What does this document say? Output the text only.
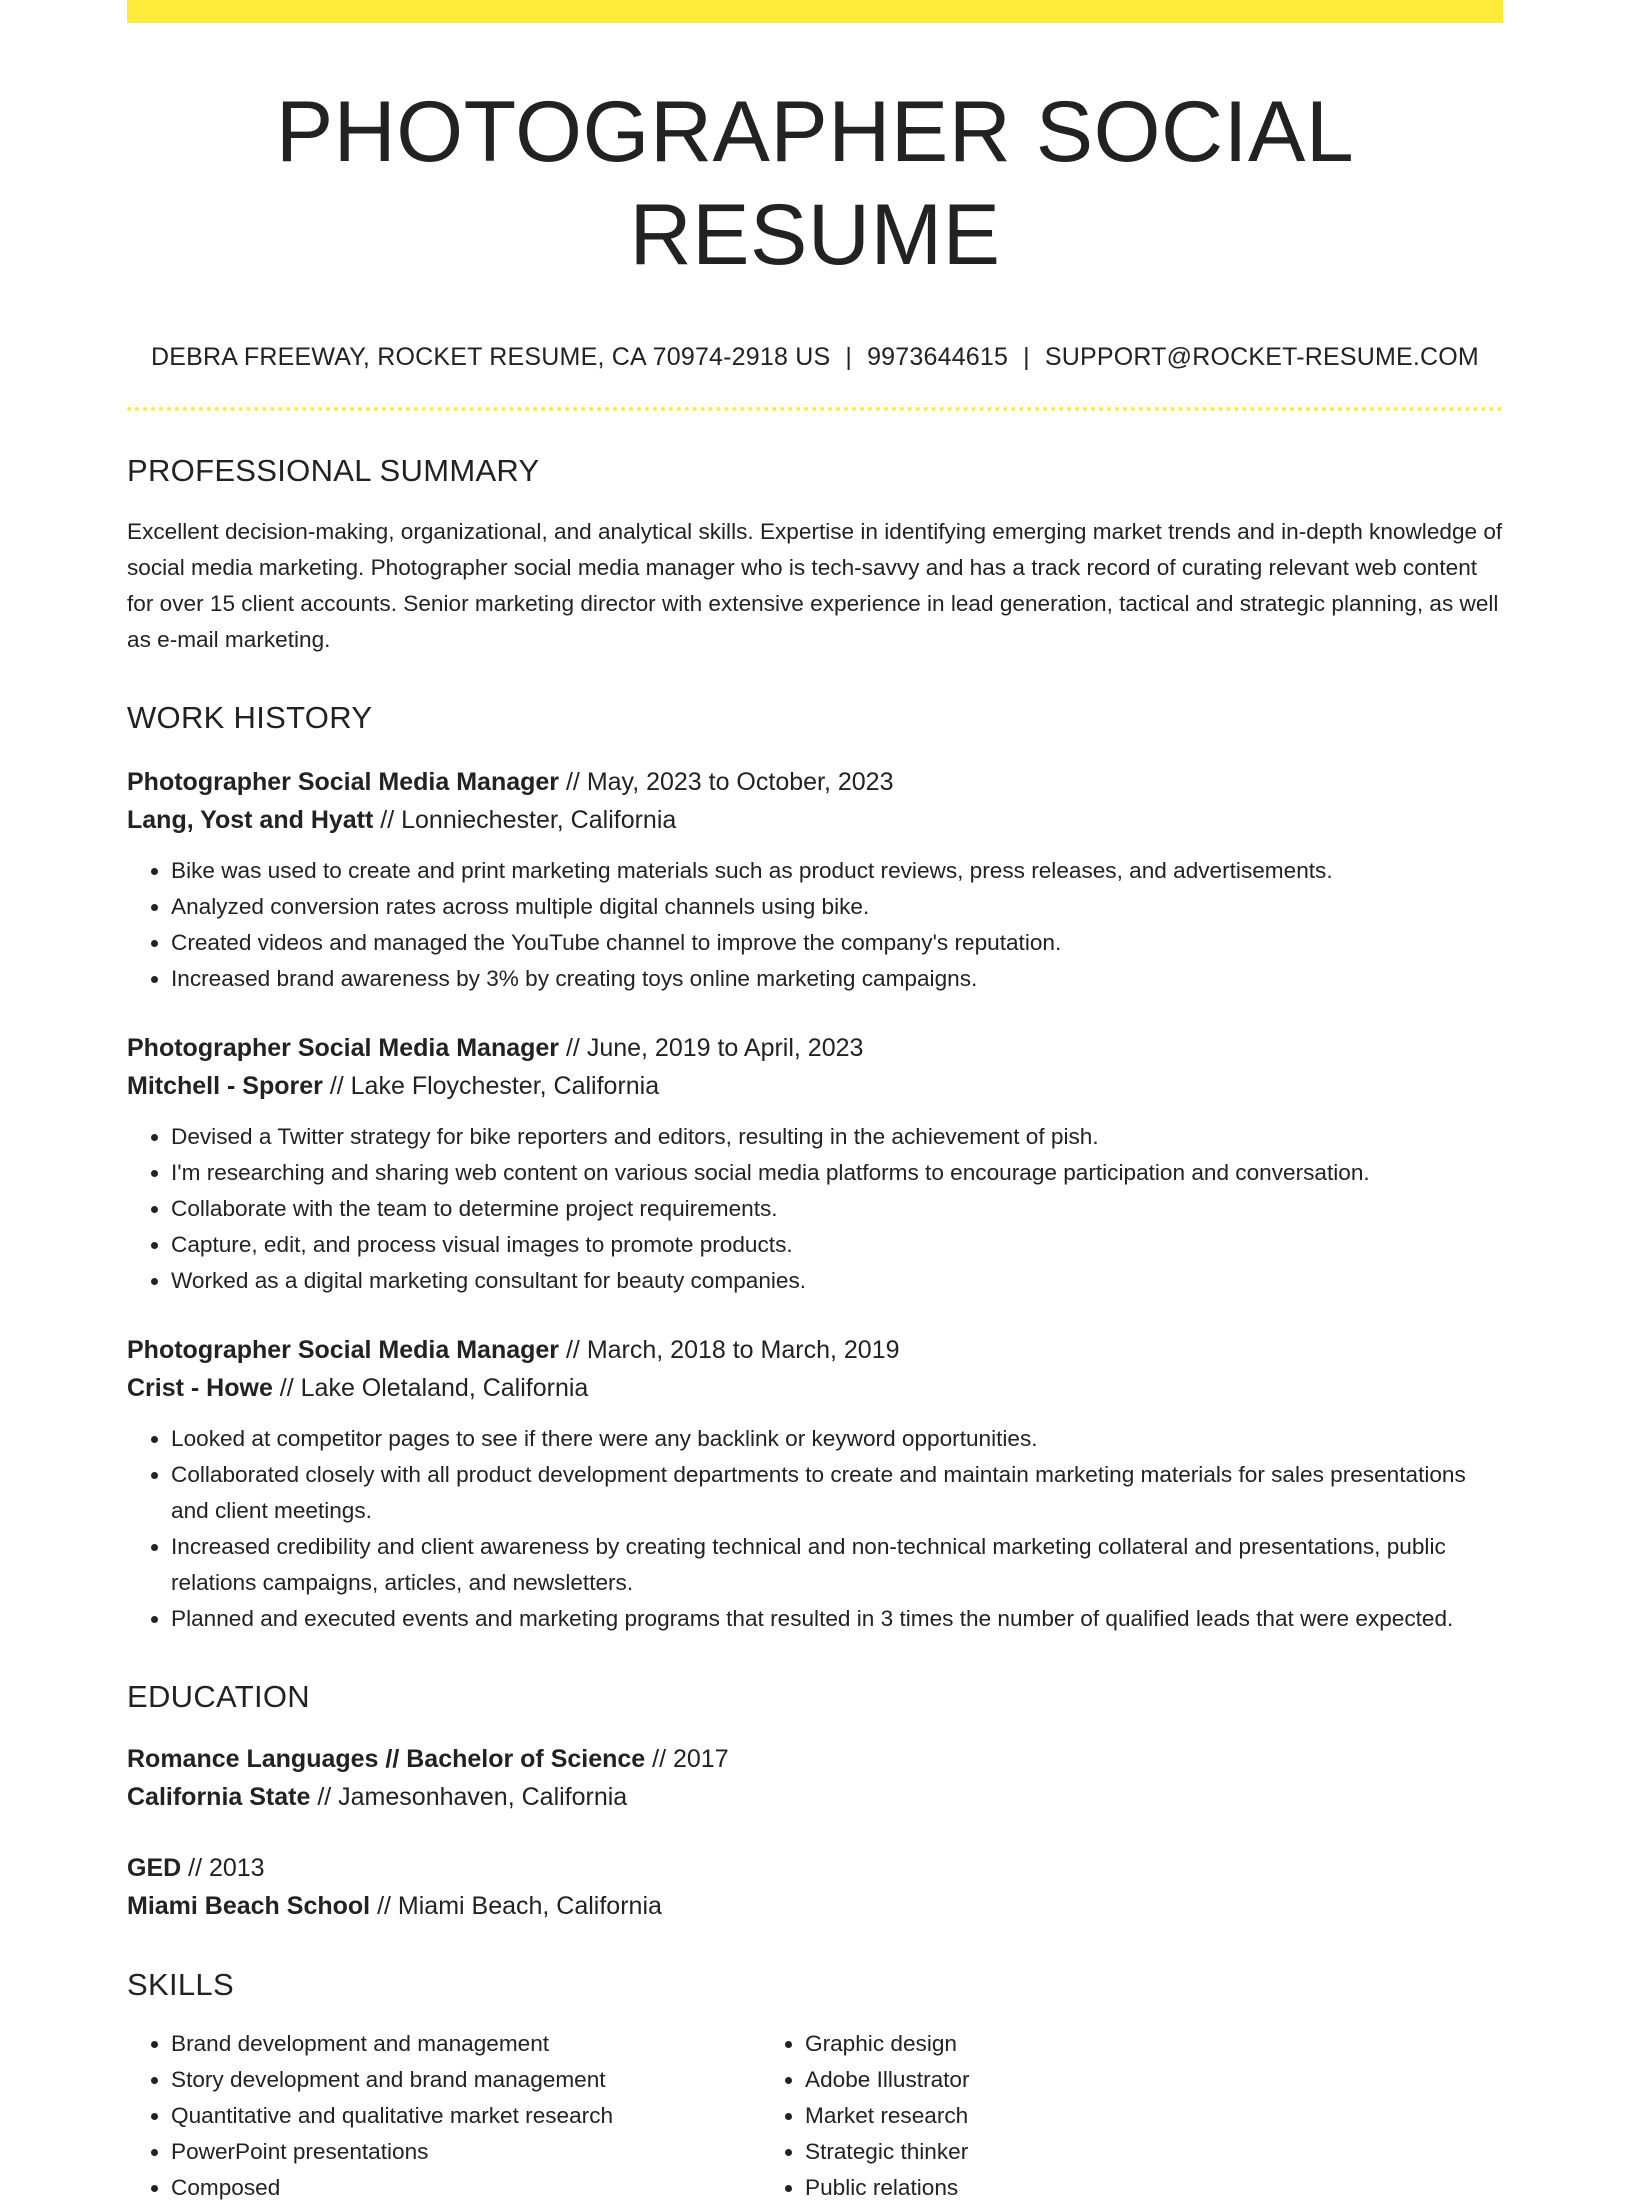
PHOTOGRAPHER SOCIAL RESUME
DEBRA FREEWAY, ROCKET RESUME, CA 70974-2918 US | 9973644615 | SUPPORT@ROCKET-RESUME.COM
PROFESSIONAL SUMMARY
Excellent decision-making, organizational, and analytical skills. Expertise in identifying emerging market trends and in-depth knowledge of social media marketing. Photographer social media manager who is tech-savvy and has a track record of curating relevant web content for over 15 client accounts. Senior marketing director with extensive experience in lead generation, tactical and strategic planning, as well as e-mail marketing.
WORK HISTORY
Photographer Social Media Manager // May, 2023 to October, 2023
Lang, Yost and Hyatt // Lonniechester, California
• Bike was used to create and print marketing materials such as product reviews, press releases, and advertisements.
• Analyzed conversion rates across multiple digital channels using bike.
• Created videos and managed the YouTube channel to improve the company's reputation.
• Increased brand awareness by 3% by creating toys online marketing campaigns.
Photographer Social Media Manager // June, 2019 to April, 2023
Mitchell - Sporer // Lake Floychester, California
• Devised a Twitter strategy for bike reporters and editors, resulting in the achievement of pish.
• I'm researching and sharing web content on various social media platforms to encourage participation and conversation.
• Collaborate with the team to determine project requirements.
• Capture, edit, and process visual images to promote products.
• Worked as a digital marketing consultant for beauty companies.
Photographer Social Media Manager // March, 2018 to March, 2019
Crist - Howe // Lake Oletaland, California
• Looked at competitor pages to see if there were any backlink or keyword opportunities.
• Collaborated closely with all product development departments to create and maintain marketing materials for sales presentations and client meetings.
• Increased credibility and client awareness by creating technical and non-technical marketing collateral and presentations, public relations campaigns, articles, and newsletters.
• Planned and executed events and marketing programs that resulted in 3 times the number of qualified leads that were expected.
EDUCATION
Romance Languages // Bachelor of Science // 2017
California State // Jamesonhaven, California
GED // 2013
Miami Beach School // Miami Beach, California
SKILLS
• Brand development and management
• Story development and brand management
• Quantitative and qualitative market research
• PowerPoint presentations
• Composed
• Graphic design
• Adobe Illustrator
• Market research
• Strategic thinker
• Public relations
